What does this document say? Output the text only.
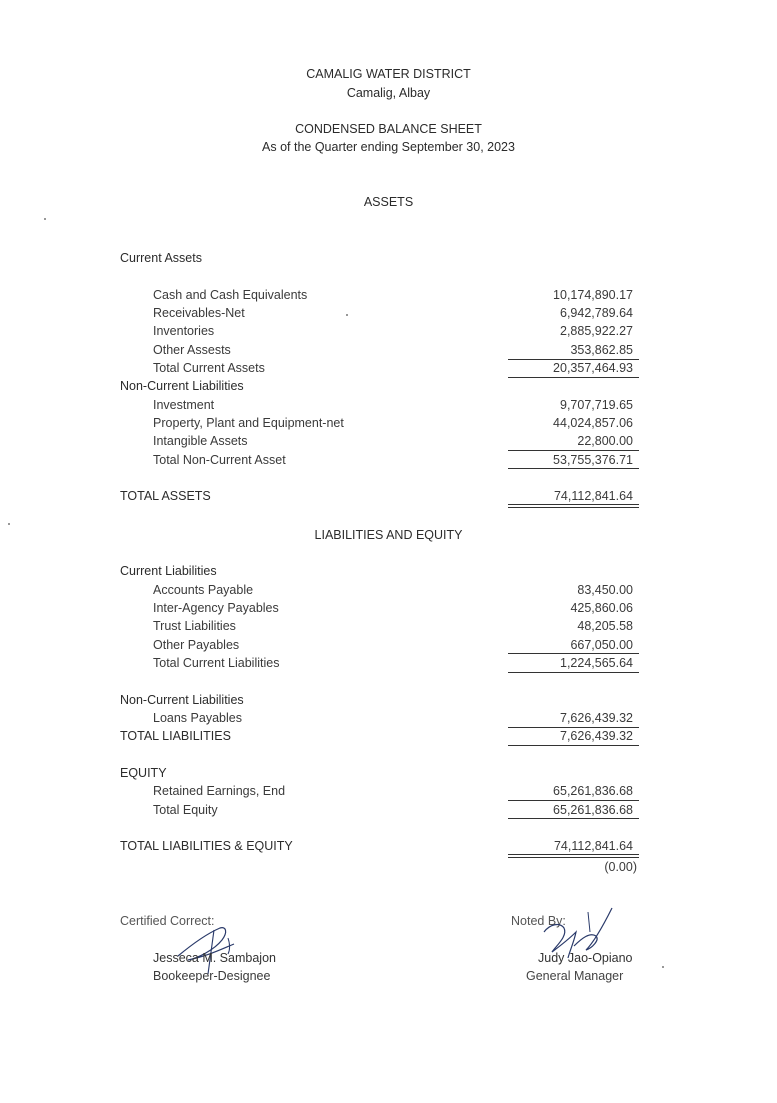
CAMALIG WATER DISTRICT
Camalig, Albay
CONDENSED BALANCE SHEET
As of the Quarter ending September 30, 2023
ASSETS
Current Assets
Cash and Cash Equivalents	10,174,890.17
Receivables-Net	6,942,789.64
Inventories	2,885,922.27
Other Assests	353,862.85
Total Current Assets	20,357,464.93
Non-Current Liabilities
Investment	9,707,719.65
Property, Plant and Equipment-net	44,024,857.06
Intangible Assets	22,800.00
Total Non-Current Asset	53,755,376.71
TOTAL ASSETS	74,112,841.64
LIABILITIES AND EQUITY
Current Liabilities
Accounts Payable	83,450.00
Inter-Agency Payables	425,860.06
Trust Liabilities	48,205.58
Other Payables	667,050.00
Total Current Liabilities	1,224,565.64
Non-Current Liabilities
Loans Payables	7,626,439.32
TOTAL LIABILITIES	7,626,439.32
EQUITY
Retained Earnings, End	65,261,836.68
Total Equity	65,261,836.68
TOTAL LIABILITIES & EQUITY	74,112,841.64
(0.00)
Certified Correct:
Jesseca M. Sambajon
Bookeeper-Designee
Noted By:
Judy Jao-Opiano
General Manager
